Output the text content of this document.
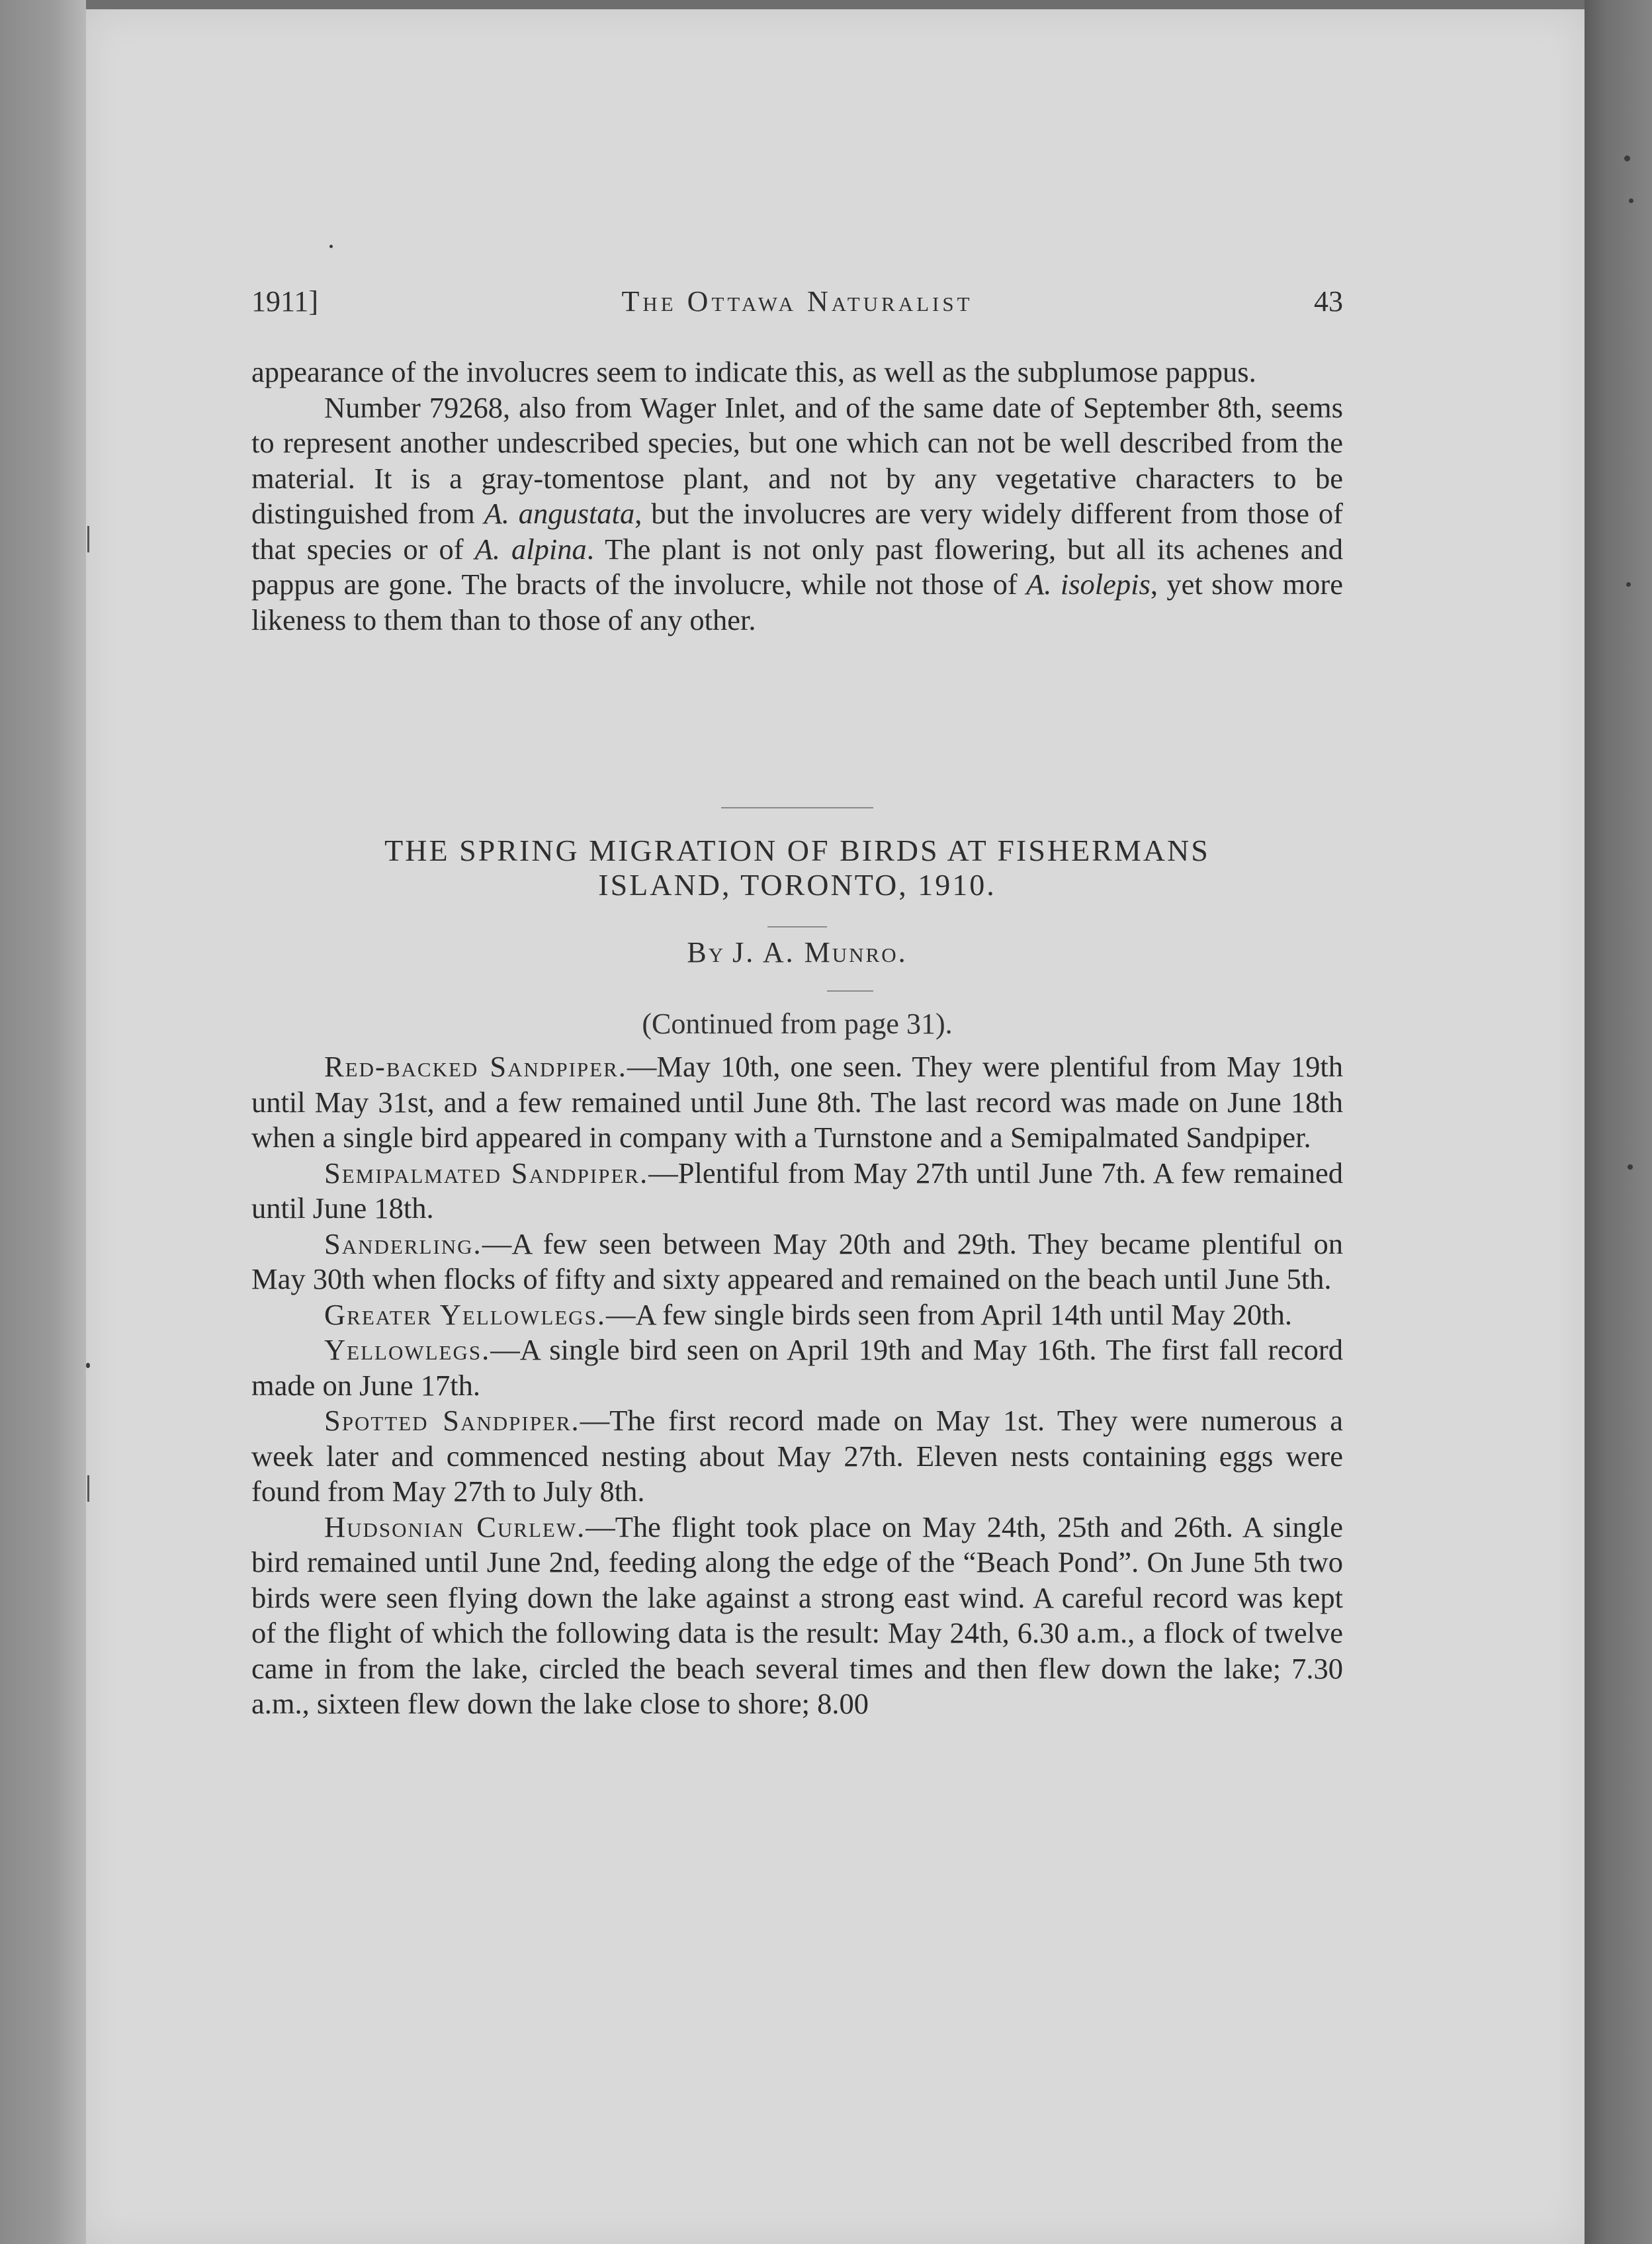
1911]	The Ottawa Naturalist	43

appearance of the involucres seem to indicate this, as well as the subplumose pappus.

Number 79268, also from Wager Inlet, and of the same date of September 8th, seems to represent another undescribed species, but one which can not be well described from the material. It is a gray-tomentose plant, and not by any vegetative characters to be distinguished from A. angustata, but the involucres are very widely different from those of that species or of A. alpina. The plant is not only past flowering, but all its achenes and pappus are gone. The bracts of the involucre, while not those of A. isolepis, yet show more likeness to them than to those of any other.

THE SPRING MIGRATION OF BIRDS AT FISHERMANS
ISLAND, TORONTO, 1910.
By J. A. Munro.
(Continued from page 31).

Red-backed Sandpiper.—May 10th, one seen. They were plentiful from May 19th until May 31st, and a few remained until June 8th. The last record was made on June 18th when a single bird appeared in company with a Turnstone and a Semipalmated Sandpiper.

Semipalmated Sandpiper.—Plentiful from May 27th until June 7th. A few remained until June 18th.

Sanderling.—A few seen between May 20th and 29th. They became plentiful on May 30th when flocks of fifty and sixty appeared and remained on the beach until June 5th.

Greater Yellowlegs.—A few single birds seen from April 14th until May 20th.

Yellowlegs.—A single bird seen on April 19th and May 16th. The first fall record made on June 17th.

Spotted Sandpiper.—The first record made on May 1st. They were numerous a week later and commenced nesting about May 27th. Eleven nests containing eggs were found from May 27th to July 8th.

Hudsonian Curlew.—The flight took place on May 24th, 25th and 26th. A single bird remained until June 2nd, feeding along the edge of the “Beach Pond”. On June 5th two birds were seen flying down the lake against a strong east wind. A careful record was kept of the flight of which the following data is the result: May 24th, 6.30 a.m., a flock of twelve came in from the lake, circled the beach several times and then flew down the lake; 7.30 a.m., sixteen flew down the lake close to shore; 8.00
